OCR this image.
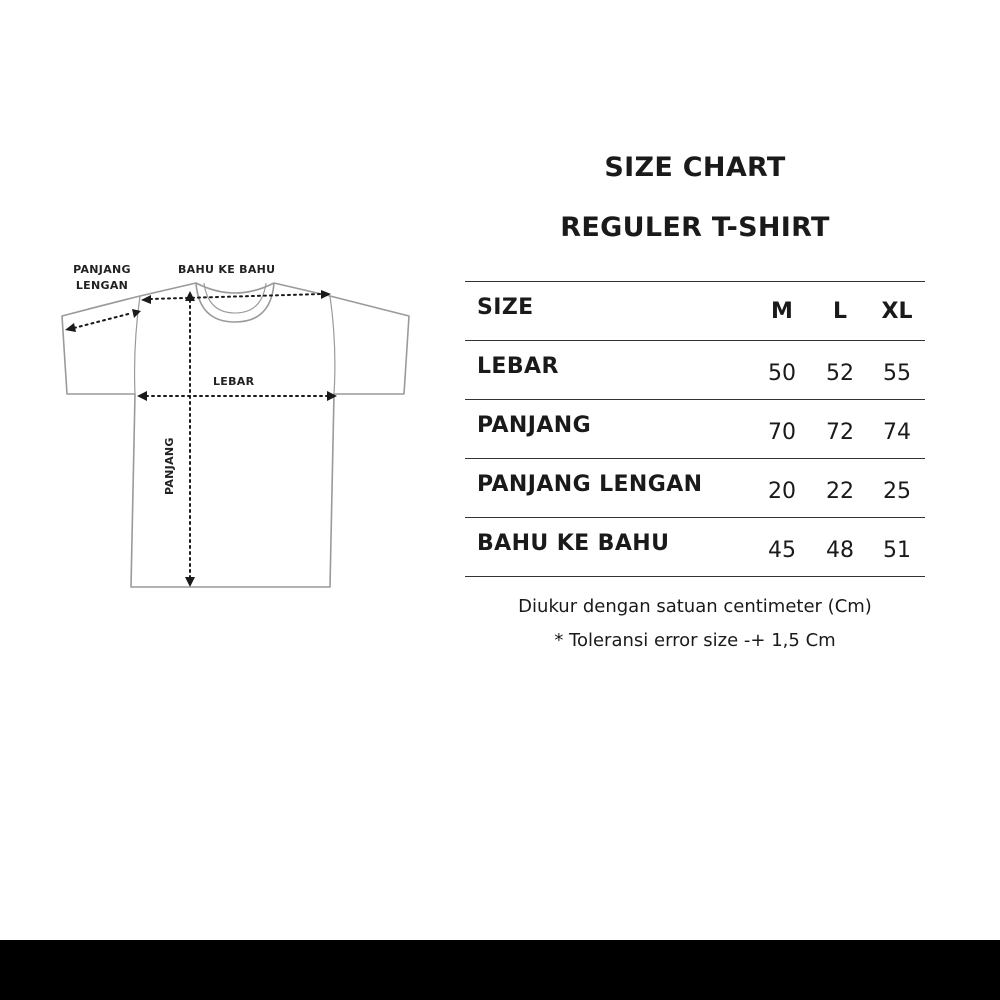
PANJANG LENGAN
BAHU KE BAHU
LEBAR
PANJANG
SIZE CHART
REGULER T-SHIRT
SIZE	M	L	XL
LEBAR	50	52	55
PANJANG	70	72	74
PANJANG LENGAN	20	22	25
BAHU KE BAHU	45	48	51
Diukur dengan satuan centimeter (Cm)
* Toleransi error size -+ 1,5 Cm
